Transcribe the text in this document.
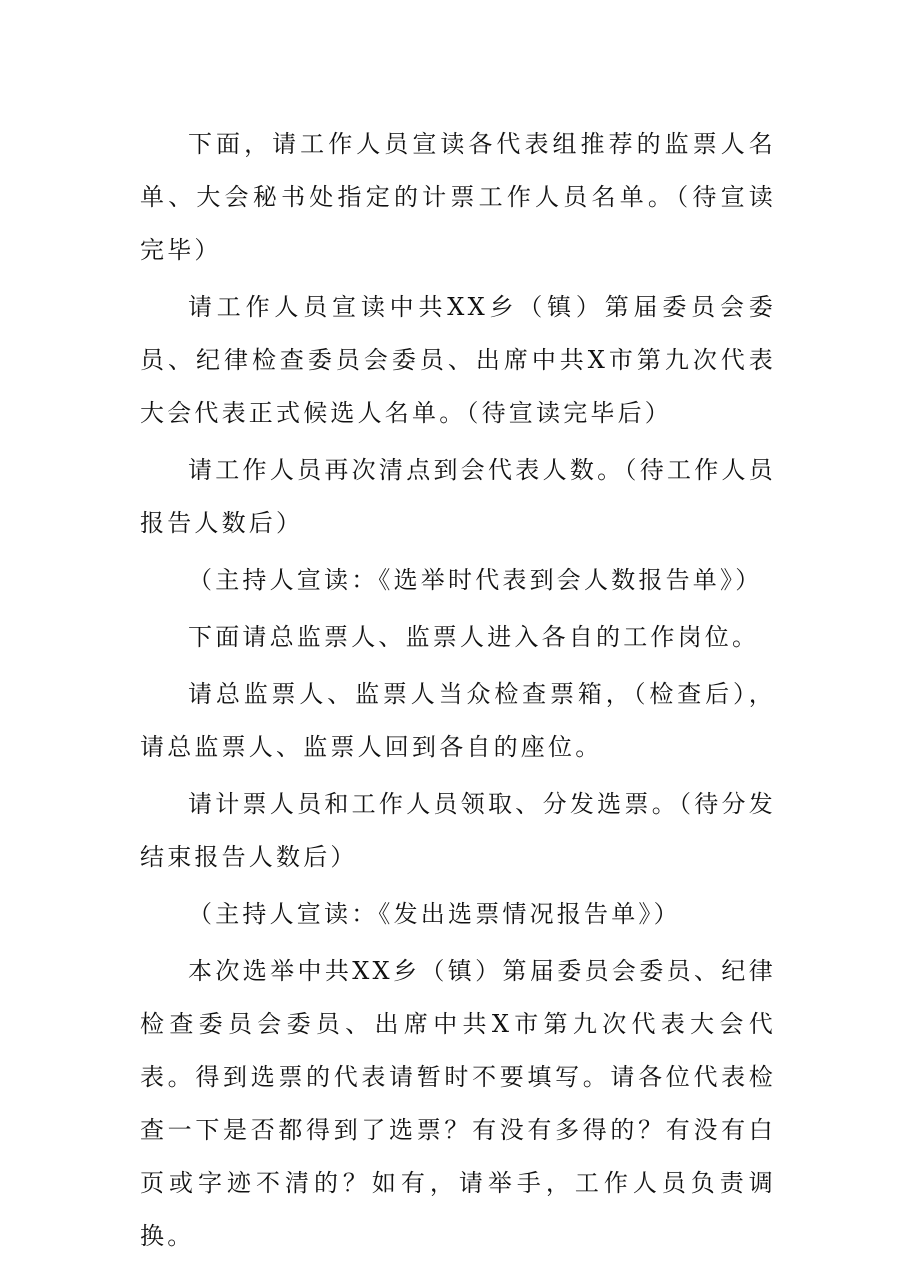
下面，请工作人员宣读各代表组推荐的监票人名单、大会秘书处指定的计票工作人员名单。（待宣读完毕）

请工作人员宣读中共XX乡（镇）第届委员会委员、纪律检查委员会委员、出席中共X市第九次代表大会代表正式候选人名单。（待宣读完毕后）

请工作人员再次清点到会代表人数。（待工作人员报告人数后）

（主持人宣读：《选举时代表到会人数报告单》）

下面请总监票人、监票人进入各自的工作岗位。

请总监票人、监票人当众检查票箱，（检查后），请总监票人、监票人回到各自的座位。

请计票人员和工作人员领取、分发选票。（待分发结束报告人数后）

（主持人宣读：《发出选票情况报告单》）

本次选举中共XX乡（镇）第届委员会委员、纪律检查委员会委员、出席中共X市第九次代表大会代表。得到选票的代表请暂时不要填写。请各位代表检查一下是否都得到了选票？有没有多得的？有没有白页或字迹不清的？如有，请举手，工作人员负责调换。
